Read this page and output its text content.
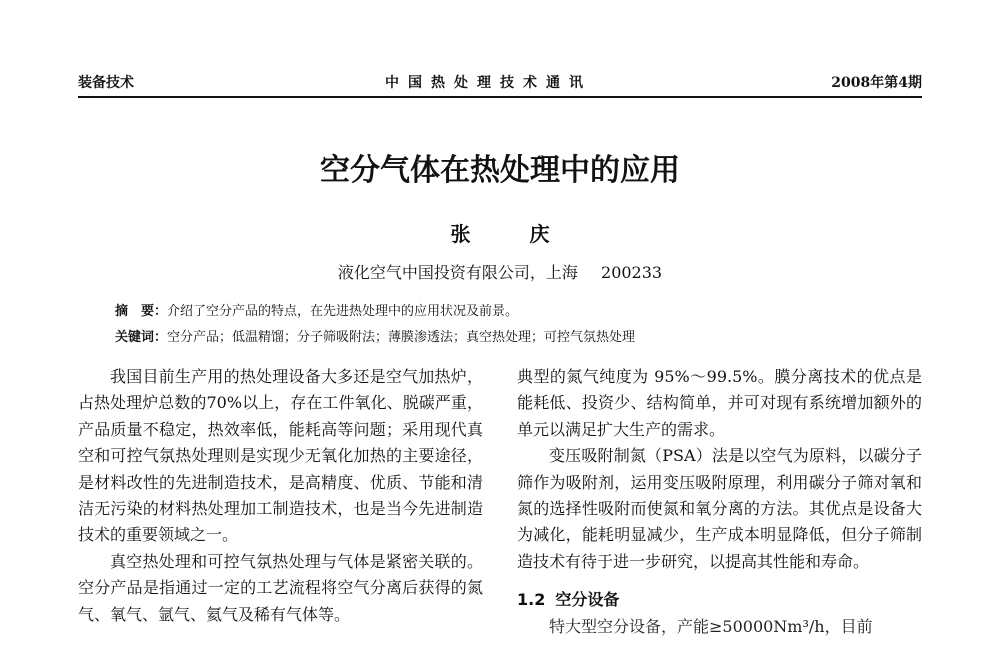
装备技术	中国热处理技术通讯	2008年第4期
空分气体在热处理中的应用
张 庆
液化空气中国投资有限公司，上海 200233
摘　要：介绍了空分产品的特点，在先进热处理中的应用状况及前景。
关键词：空分产品；低温精馏；分子筛吸附法；薄膜渗透法；真空热处理；可控气氛热处理

我国目前生产用的热处理设备大多还是空气加热炉，占热处理炉总数的70%以上，存在工件氧化、脱碳严重，产品质量不稳定，热效率低，能耗高等问题；采用现代真空和可控气氛热处理则是实现少无氧化加热的主要途径，是材料改性的先进制造技术，是高精度、优质、节能和清洁无污染的材料热处理加工制造技术，也是当今先进制造技术的重要领域之一。

真空热处理和可控气氛热处理与气体是紧密关联的。空分产品是指通过一定的工艺流程将空气分离后获得的氮气、氧气、氩气、氦气及稀有气体等。

典型的氮气纯度为 95%～99.5%。膜分离技术的优点是能耗低、投资少、结构简单，并可对现有系统增加额外的单元以满足扩大生产的需求。

变压吸附制氮（PSA）法是以空气为原料，以碳分子筛作为吸附剂，运用变压吸附原理，利用碳分子筛对氧和氮的选择性吸附而使氮和氧分离的方法。其优点是设备大为减化，能耗明显减少，生产成本明显降低，但分子筛制造技术有待于进一步研究，以提高其性能和寿命。

1.2 空分设备

特大型空分设备，产能≥50000Nm³/h，目前
